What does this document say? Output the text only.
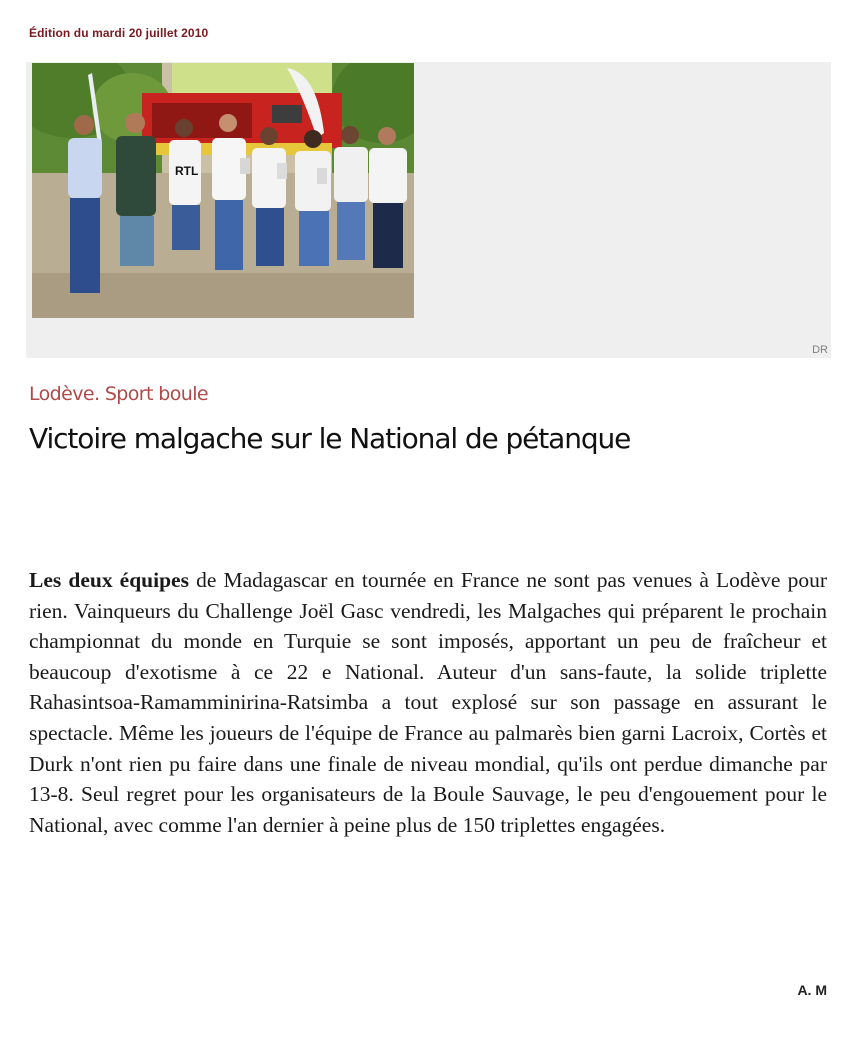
Édition du mardi 20 juillet 2010
RTL
DR
Lodève. Sport boule
Victoire malgache sur le National de pétanque

Les deux équipes de Madagascar en tournée en France ne sont pas venues à Lodève pour rien. Vainqueurs du Challenge Joël Gasc vendredi, les Malgaches qui préparent le prochain championnat du monde en Turquie se sont imposés, apportant un peu de fraîcheur et beaucoup d'exotisme à ce 22 e National. Auteur d'un sans-faute, la solide triplette Rahasintsoa-Ramamminirina-Ratsimba a tout explosé sur son passage en assurant le spectacle. Même les joueurs de l'équipe de France au palmarès bien garni Lacroix, Cortès et Durk n'ont rien pu faire dans une finale de niveau mondial, qu'ils ont perdue dimanche par 13-8. Seul regret pour les organisateurs de la Boule Sauvage, le peu d'engouement pour le National, avec comme l'an dernier à peine plus de 150 triplettes engagées.

A. M
